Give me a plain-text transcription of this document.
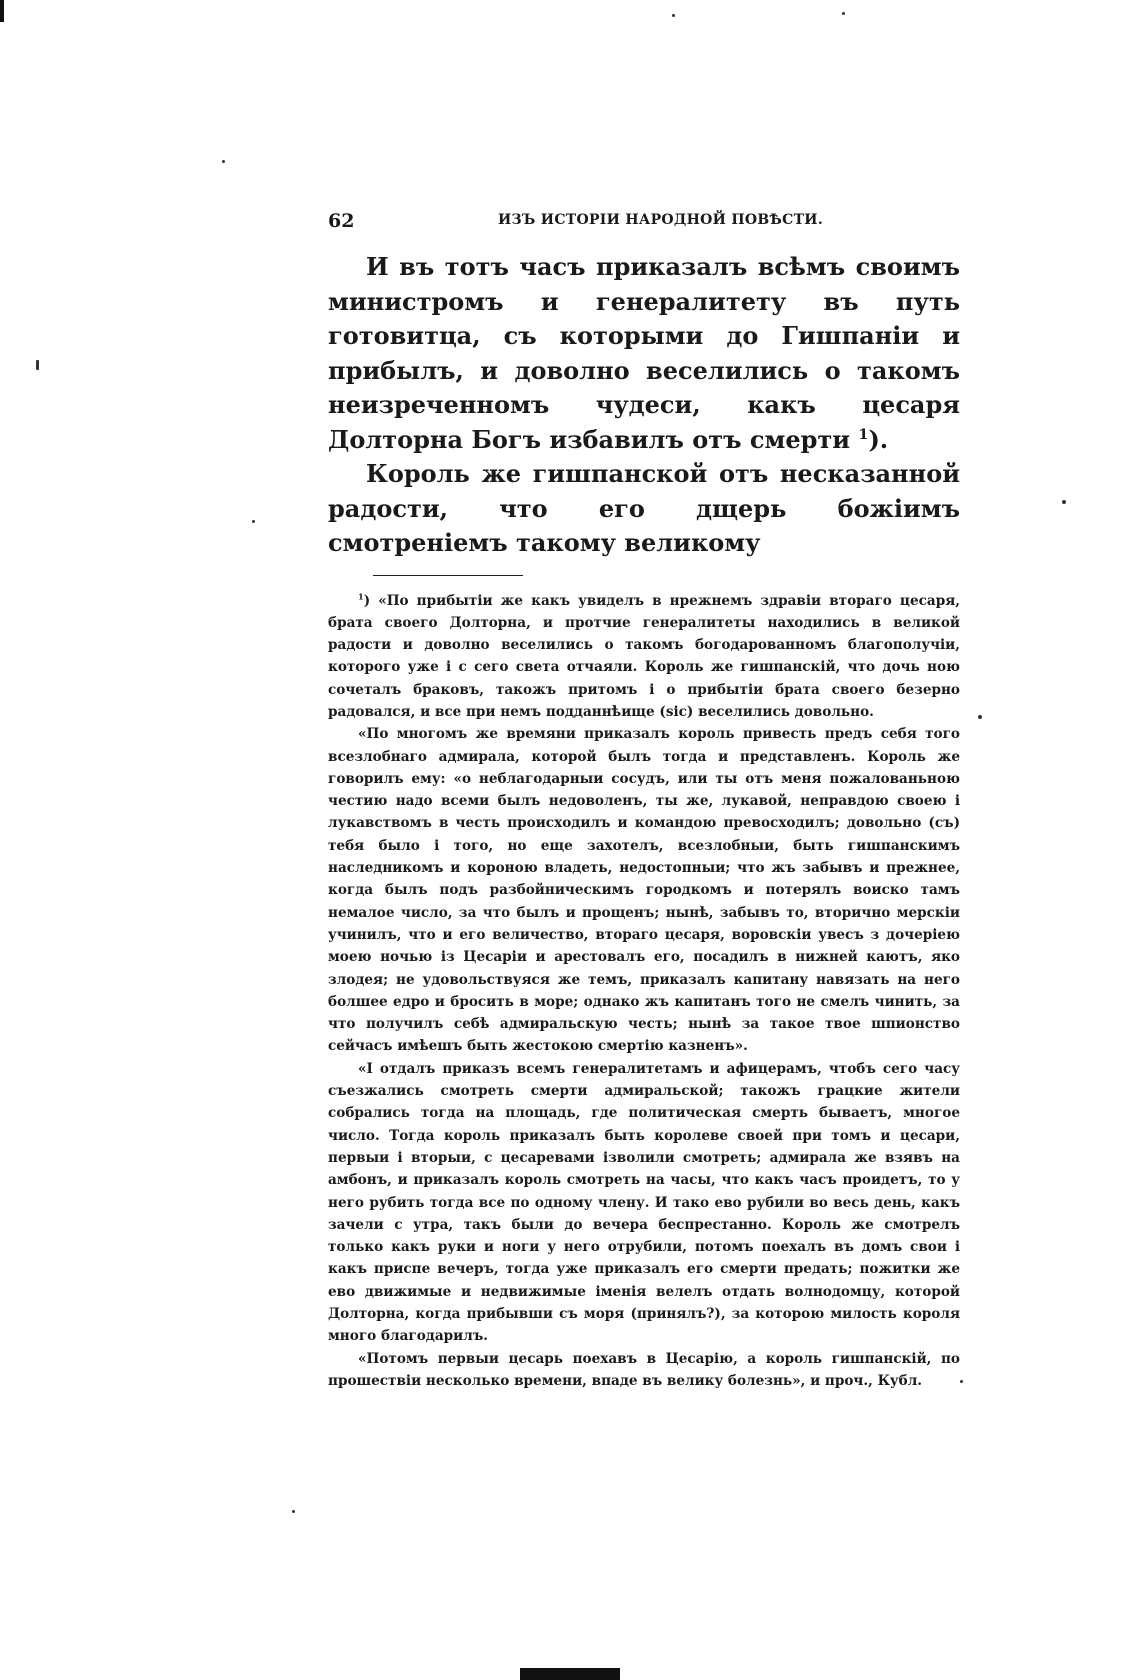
62	ИЗЪ ИСТОРІИ НАРОДНОЙ ПОВѢСТИ.

И въ тотъ часъ приказалъ всѣмъ своимъ министромъ и генералитету въ путь готовитца, съ которыми до Гишпаніи и прибылъ, и доволно веселились о такомъ неизреченномъ чудеси, какъ цесаря Долторна Богъ избавилъ отъ смерти $^1$).

Король же гишпанской отъ несказанной радости, что его дщерь божіимъ смотреніемъ такому великому

$^1$) «По прибытіи же какъ увиделъ в нрежнемъ здравіи втораго цесаря, брата своего Долторна, и протчие генералитеты находились в великой радости и доволно веселились о такомъ богодарованномъ благополучіи, которого уже і с сего света отчаяли. Король же гишпанскій, что дочь ною сочеталъ браковъ, такожъ притомъ і о прибытіи брата своего безерно радовался, и все при немъ подданнѣище (sic) веселились довольно.

«По многомъ же времяни приказалъ король привесть предъ себя того всезлобнаго адмирала, которой былъ тогда и представленъ. Король же говорилъ ему: «о неблагодарныи сосудъ, или ты отъ меня пожалованьною честию надо всеми былъ недоволенъ, ты же, лукавой, неправдою своею і лукавствомъ в честь происходилъ и командою превосходилъ; довольно (съ) тебя было і того, но еще захотелъ, всезлобныи, быть гишпанскимъ наследникомъ и короною владеть, недостопныи; что жъ забывъ и прежнее, когда былъ подъ разбойническимъ городкомъ и потерялъ воиско тамъ немалое число, за что былъ и прощенъ; нынѣ, забывъ то, вторично мерскіи учинилъ, что и его величество, втораго цесаря, воровскіи увесъ з дочеріею моею ночью із Цесаріи и арестовалъ его, посадилъ в нижней каютъ, яко злодея; не удовольствуяся же темъ, приказалъ капитану навязать на него болшее едро и бросить в море; однако жъ капитанъ того не смелъ чинить, за что получилъ себѣ адмиральскую честь; нынѣ за такое твое шпионство сейчасъ имѣешъ быть жестокою смертію казненъ».

«І отдалъ приказъ всемъ генералитетамъ и афицерамъ, чтобъ сего часу съезжались смотреть смерти адмиральской; такожъ грацкие жители собрались тогда на площадь, где политическая смерть бываетъ, многое число. Тогда король приказалъ быть королеве своей при томъ и цесари, первыи і вторыи, с цесаревами ізволили смотреть; адмирала же взявъ на амбонъ, и приказалъ король смотреть на часы, что какъ часъ проидетъ, то у него рубить тогда все по одному члену. И тако ево рубили во весь день, какъ зачели с утра, такъ были до вечера беспрестанно. Король же смотрелъ только какъ руки и ноги у него отрубили, потомъ поехалъ въ домъ свои і какъ приспе вечеръ, тогда уже приказалъ его смерти предать; пожитки же ево движимые и недвижимые іменія велелъ отдать волнодомцу, которой Долторна, когда прибывши съ моря (принялъ?), за которою милость короля много благодарилъ.

«Потомъ первыи цесарь поехавъ в Цесарію, а король гишпанскій, по прошествіи несколько времени, впаде въ велику болезнь», и проч., Кубл.
